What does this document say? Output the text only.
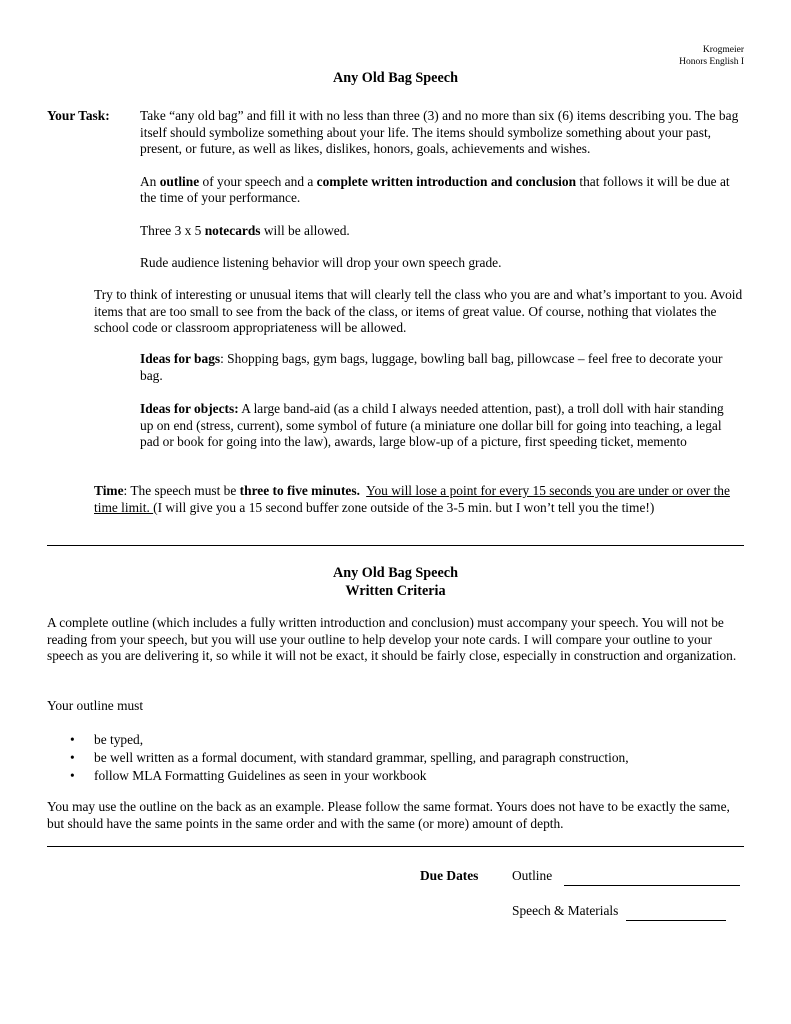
Krogmeier
Honors English I
Any Old Bag Speech
Your Task: Take “any old bag” and fill it with no less than three (3) and no more than six (6) items describing you. The bag itself should symbolize something about your life. The items should symbolize something about your past, present, or future, as well as likes, dislikes, honors, goals, achievements and wishes.

An outline of your speech and a complete written introduction and conclusion that follows it will be due at the time of your performance.

Three 3 x 5 notecards will be allowed.

Rude audience listening behavior will drop your own speech grade.

Try to think of interesting or unusual items that will clearly tell the class who you are and what’s important to you. Avoid items that are too small to see from the back of the class, or items of great value. Of course, nothing that violates the school code or classroom appropriateness will be allowed.
Ideas for bags: Shopping bags, gym bags, luggage, bowling ball bag, pillowcase – feel free to decorate your bag.
Ideas for objects: A large band-aid (as a child I always needed attention, past), a troll doll with hair standing up on end (stress, current), some symbol of future (a miniature one dollar bill for going into teaching, a legal pad or book for going into the law), awards, large blow-up of a picture, first speeding ticket, memento
Time: The speech must be three to five minutes. You will lose a point for every 15 seconds you are under or over the time limit. (I will give you a 15 second buffer zone outside of the 3-5 min. but I won’t tell you the time!)
Any Old Bag Speech
Written Criteria
A complete outline (which includes a fully written introduction and conclusion) must accompany your speech. You will not be reading from your speech, but you will use your outline to help develop your note cards. I will compare your outline to your speech as you are delivering it, so while it will not be exact, it should be fairly close, especially in construction and organization.
Your outline must
• be typed,
• be well written as a formal document, with standard grammar, spelling, and paragraph construction,
• follow MLA Formatting Guidelines as seen in your workbook
You may use the outline on the back as an example. Please follow the same format. Yours does not have to be exactly the same, but should have the same points in the same order and with the same (or more) amount of depth.
Due Dates	Outline
Speech & Materials
